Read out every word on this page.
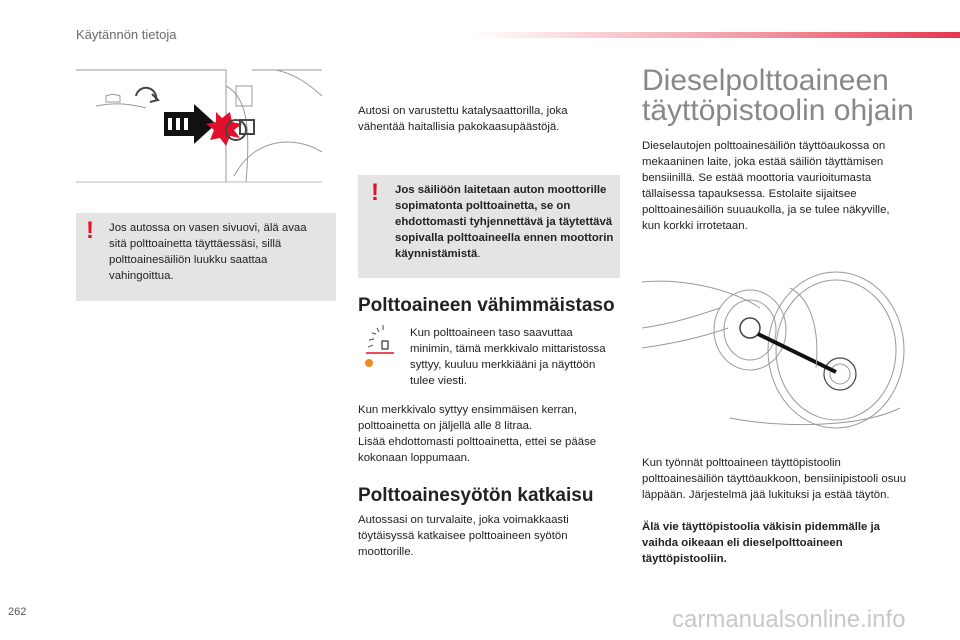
Käytännön tietoja
! Jos autossa on vasen sivuovi, älä avaa sitä polttoainetta täyttäessäsi, sillä polttoainesäiliön luukku saattaa vahingoittua.

Autosi on varustettu katalysaattorilla, joka vähentää haitallisia pakokaasupäästöjä.

! Jos säiliöön laitetaan auton moottorille sopimatonta polttoainetta, se on ehdottomasti tyhjennettävä ja täytettävä sopivalla polttoaineella ennen moottorin käynnistämistä.

Polttoaineen vähimmäistaso

Kun polttoaineen taso saavuttaa minimin, tämä merkkivalo mittaristossa syttyy, kuuluu merkkiääni ja näyttöön tulee viesti.

Kun merkkivalo syttyy ensimmäisen kerran, polttoainetta on jäljellä alle 8 litraa.

Lisää ehdottomasti polttoainetta, ettei se pääse kokonaan loppumaan.

Polttoainesyötön katkaisu

Autossasi on turvalaite, joka voimakkaasti töytäisyssä katkaisee polttoaineen syötön moottorille.

Dieselpolttoaineen
täyttöpistoolin ohjain

Dieselautojen polttoainesäiliön täyttöaukossa on mekaaninen laite, joka estää säiliön täyttämisen bensiinillä. Se estää moottoria vaurioitumasta tällaisessa tapauksessa. Estolaite sijaitsee polttoainesäiliön suuaukolla, ja se tulee näkyville, kun korkki irrotetaan.

Kun työnnät polttoaineen täyttöpistoolin polttoainesäiliön täyttöaukkoon, bensiinipistooli osuu läppään. Järjestelmä jää lukituksi ja estää täytön.

Älä vie täyttöpistoolia väkisin pidemmälle ja vaihda oikeaan eli dieselpolttoaineen täyttöpistooliin.

262	carmanualsonline.info
